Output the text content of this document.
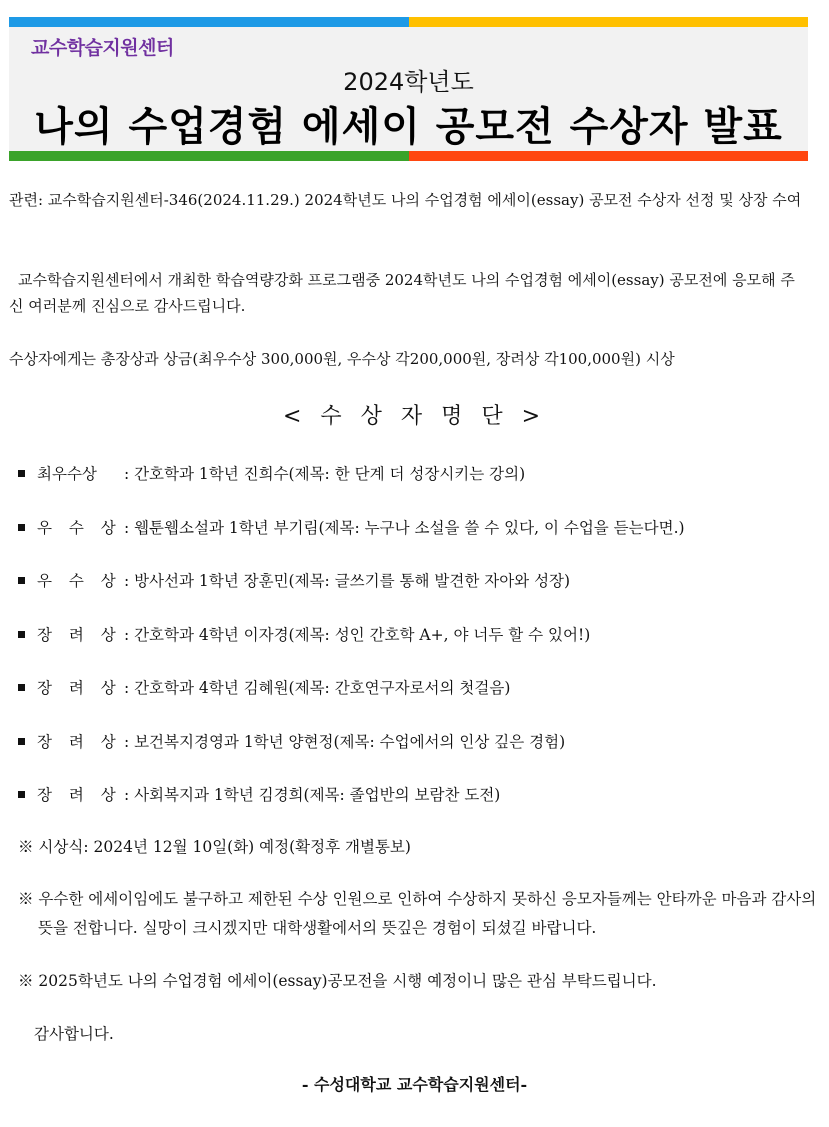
교수학습지원센터
2024학년도
나의 수업경험 에세이 공모전 수상자 발표
관련: 교수학습지원센터-346(2024.11.29.) 2024학년도 나의 수업경험 에세이(essay) 공모전 수상자 선정 및 상장 수여
교수학습지원센터에서 개최한 학습역량강화 프로그램중 2024학년도 나의 수업경험 에세이(essay) 공모전에 응모해 주신 여러분께 진심으로 감사드립니다.
수상자에게는 총장상과 상금(최우수상 300,000원, 우수상 각200,000원, 장려상 각100,000원) 시상
< 수 상 자 명 단 >
최우수상 : 간호학과 1학년 진희수(제목: 한 단계 더 성장시키는 강의)
우 수 상 : 웹툰웹소설과 1학년 부기림(제목: 누구나 소설을 쓸 수 있다, 이 수업을 듣는다면.)
우 수 상 : 방사선과 1학년 장훈민(제목: 글쓰기를 통해 발견한 자아와 성장)
장 려 상 : 간호학과 4학년 이자경(제목: 성인 간호학 A+, 야 너두 할 수 있어!)
장 려 상 : 간호학과 4학년 김혜원(제목: 간호연구자로서의 첫걸음)
장 려 상 : 보건복지경영과 1학년 양현정(제목: 수업에서의 인상 깊은 경험)
장 려 상 : 사회복지과 1학년 김경희(제목: 졸업반의 보람찬 도전)
※ 시상식: 2024년 12월 10일(화) 예정(확정후 개별통보)
※ 우수한 에세이임에도 불구하고 제한된 수상 인원으로 인하여 수상하지 못하신 응모자들께는 안타까운 마음과 감사의 뜻을 전합니다. 실망이 크시겠지만 대학생활에서의 뜻깊은 경험이 되셨길 바랍니다.
※ 2025학년도 나의 수업경험 에세이(essay)공모전을 시행 예정이니 많은 관심 부탁드립니다.
감사합니다.
- 수성대학교 교수학습지원센터-
